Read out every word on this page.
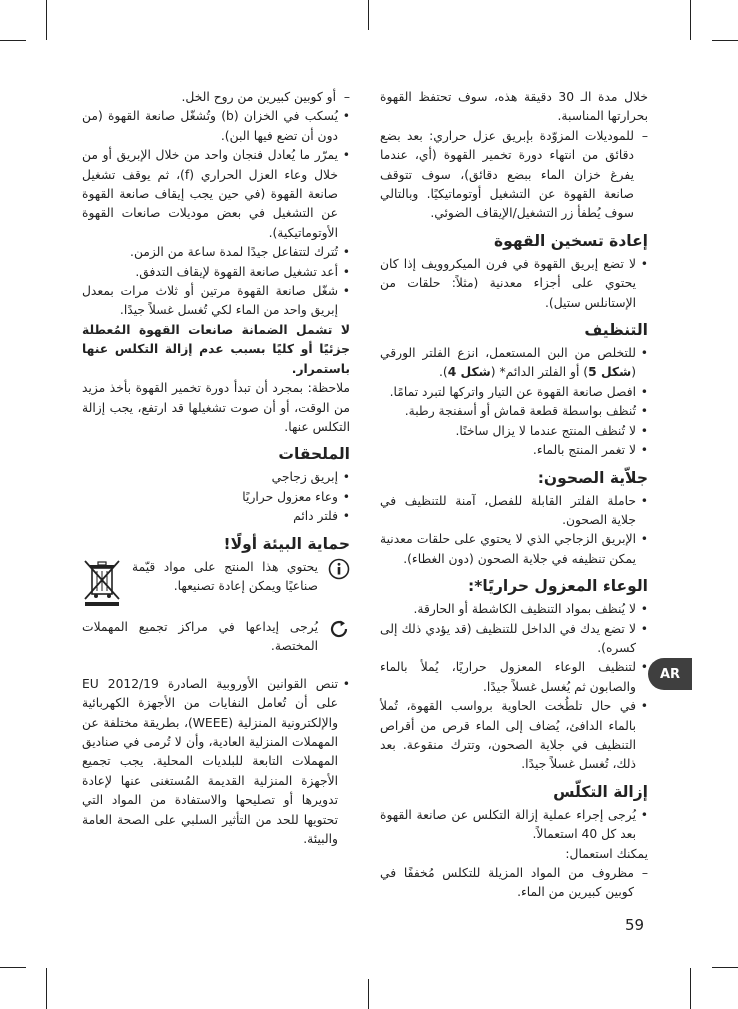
خلال مدة الـ 30 دقيقة هذه، سوف تحتفظ القهوة بحرارتها المناسبة.

– للموديلات المزوّدة بإبريق عزل حراري: بعد بضع دقائق من انتهاء دورة تخمير القهوة (أي، عندما يفرغ خزان الماء ببضع دقائق)، سوف تتوقف صانعة القهوة عن التشغيل أوتوماتيكيًا. وبالتالي سوف يُطفأ زر التشغيل/الإيقاف الضوئي.
إعادة تسخين القهوة
• لا تضع إبريق القهوة في فرن الميكروويف إذا كان يحتوي على أجزاء معدنية (مثلاً: حلقات من الإستانلس ستيل).
التنظيف
• للتخلص من البن المستعمل، انزع الفلتر الورقي (شكل 5) أو الفلتر الدائم* (شكل 4).
• افصل صانعة القهوة عن التيار واتركها لتبرد تمامًا.
• تُنظف بواسطة قطعة قماش أو أسفنجة رطبة.
• لا تُنظف المنتج عندما لا يزال ساخنًا.
• لا تغمر المنتج بالماء.
جلاّية الصحون:
• حاملة الفلتر القابلة للفصل، آمنة للتنظيف في جلاية الصحون.
• الإبريق الزجاجي الذي لا يحتوي على حلقات معدنية يمكن تنظيفه في جلاية الصحون (دون الغطاء).
الوعاء المعزول حراريًا*:
• لا يُنظف بمواد التنظيف الكاشطة أو الحارقة.
• لا تضع يدك في الداخل للتنظيف (قد يؤدي ذلك إلى كسره).
• لتنظيف الوعاء المعزول حراريًا، يُملأ بالماء والصابون ثم يُغسل غسلاً جيدًا.
• في حال تلطُخت الحاوية برواسب القهوة، تُملأ بالماء الدافئ، يُضاف إلى الماء قرص من أقراص التنظيف في جلاية الصحون، وتترك منقوعة. بعد ذلك، تُغسل غسلاً جيدًا.
إزالة التكلّس
• يُرجى إجراء عملية إزالة التكلس عن صانعة القهوة بعد كل 40 استعمالاً.

يمكنك استعمال:

– مظروف من المواد المزيلة للتكلس مُخففًا في كوبين كبيرين من الماء.
– أو كوبين كبيرين من روح الخل.
• يُسكب في الخزان (b) وتُشغّل صانعة القهوة (من دون أن تضع فيها البن).
• يمرّر ما يُعادل فنجان واحد من خلال الإبريق أو من خلال وعاء العزل الحراري (f)، ثم يوقف تشغيل صانعة القهوة (في حين يجب إيقاف صانعة القهوة عن التشغيل في بعض موديلات صانعات القهوة الأوتوماتيكية).
• تُترك لتتفاعل جيدًا لمدة ساعة من الزمن.
• أعد تشغيل صانعة القهوة لإيقاف التدفق.
• شغّل صانعة القهوة مرتين أو ثلاث مرات بمعدل إبريق واحد من الماء لكي تُغسل غسلاً جيدًا.

لا تشمل الضمانة صانعات القهوة المُعطلة جزئيًا أو كليًا بسبب عدم إزالة التكلس عنها باستمرار.

ملاحظة: بمجرد أن تبدأ دورة تخمير القهوة بأخذ مزيد من الوقت، أو أن صوت تشغيلها قد ارتفع، يجب إزالة التكلس عنها.

الملحقات
• إبريق زجاجي
• وعاء معزول حراريًا
• فلتر دائم
حماية البيئة أولًا!
يحتوي هذا المنتج على مواد قيّمة صناعيًا ويمكن إعادة تصنيعها.
يُرجى إيداعها في مراكز تجميع المهملات المختصة.
• تنص القوانين الأوروبية الصادرة EU 2012/19 على أن تُعامل النفايات من الأجهزة الكهربائية والإلكترونية المنزلية (WEEE)، بطريقة مختلفة عن المهملات المنزلية العادية، وأن لا تُرمى في صناديق المهملات التابعة للبلديات المحلية. يجب تجميع الأجهزة المنزلية القديمة المُستغنى عنها لإعادة تدويرها أو تصليحها والاستفادة من المواد التي تحتويها للحد من التأثير السلبي على الصحة العامة والبيئة.
AR
59
